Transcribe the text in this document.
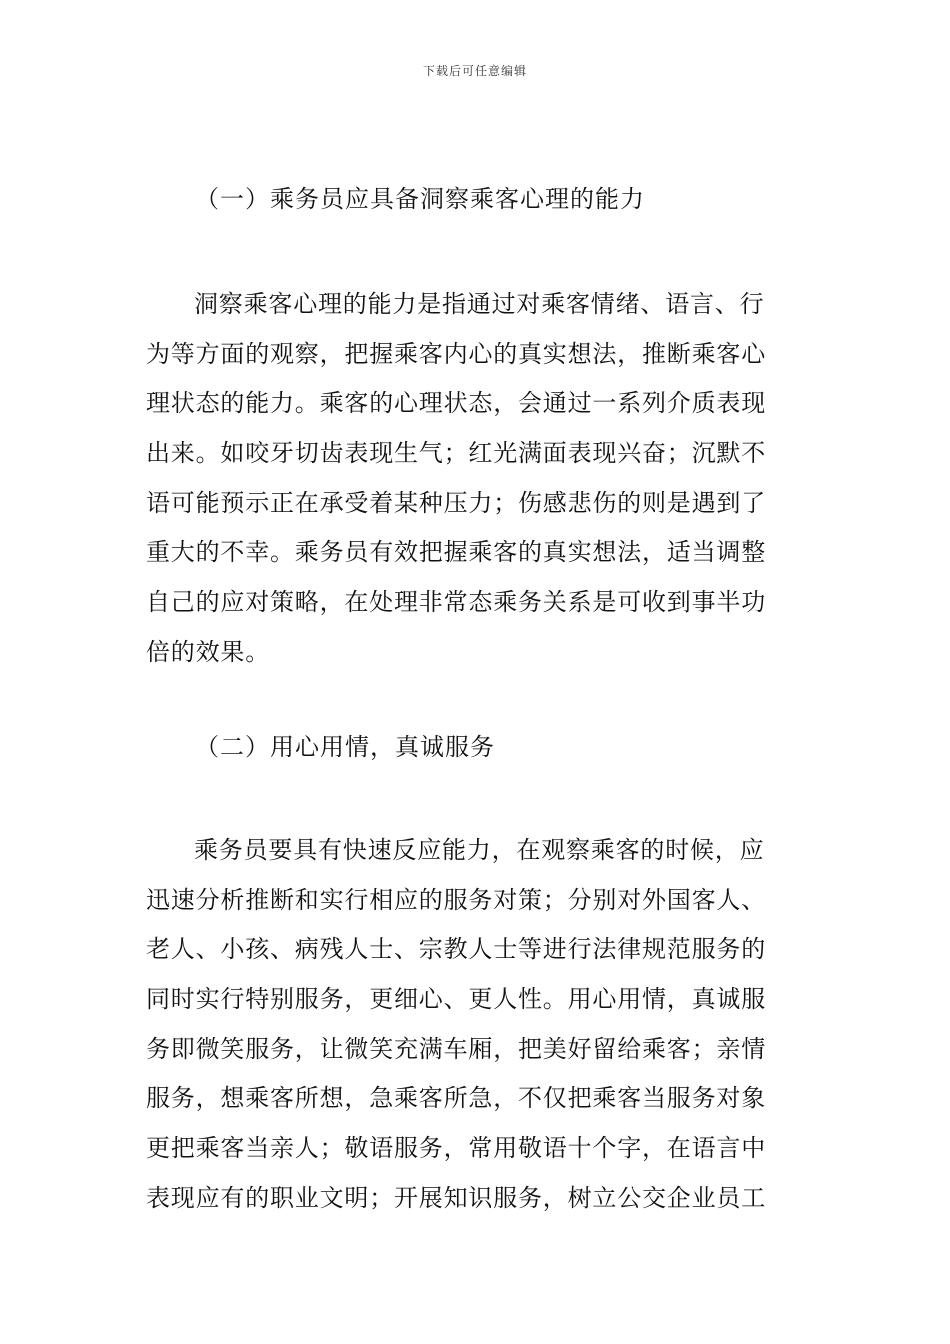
下载后可任意编辑
（一）乘务员应具备洞察乘客心理的能力
洞察乘客心理的能力是指通过对乘客情绪、语言、行
为等方面的观察，把握乘客内心的真实想法，推断乘客心
理状态的能力。乘客的心理状态，会通过一系列介质表现
出来。如咬牙切齿表现生气；红光满面表现兴奋；沉默不
语可能预示正在承受着某种压力；伤感悲伤的则是遇到了
重大的不幸。乘务员有效把握乘客的真实想法，适当调整
自己的应对策略，在处理非常态乘务关系是可收到事半功
倍的效果。
（二）用心用情，真诚服务
乘务员要具有快速反应能力，在观察乘客的时候，应
迅速分析推断和实行相应的服务对策；分别对外国客人、
老人、小孩、病残人士、宗教人士等进行法律规范服务的
同时实行特别服务，更细心、更人性。用心用情，真诚服
务即微笑服务，让微笑充满车厢，把美好留给乘客；亲情
服务，想乘客所想，急乘客所急，不仅把乘客当服务对象
更把乘客当亲人；敬语服务，常用敬语十个字，在语言中
表现应有的职业文明；开展知识服务，树立公交企业员工
